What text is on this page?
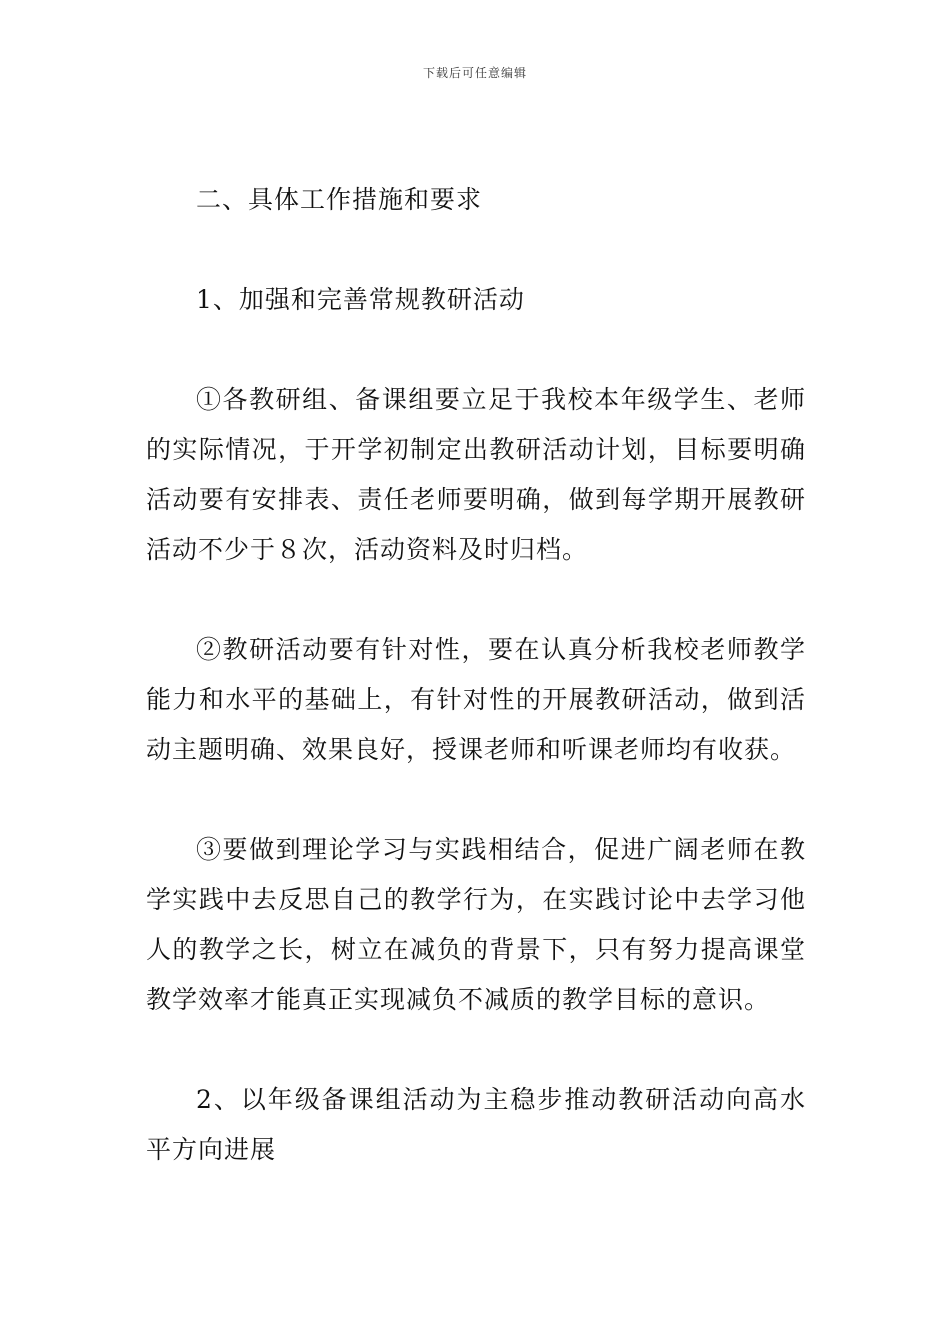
下载后可任意编辑

二、具体工作措施和要求

1、加强和完善常规教研活动

①各教研组、备课组要立足于我校本年级学生、老师的实际情况，于开学初制定出教研活动计划，目标要明确活动要有安排表、责任老师要明确，做到每学期开展教研活动不少于８次，活动资料及时归档。

②教研活动要有针对性，要在认真分析我校老师教学能力和水平的基础上，有针对性的开展教研活动，做到活动主题明确、效果良好，授课老师和听课老师均有收获。

③要做到理论学习与实践相结合，促进广阔老师在教学实践中去反思自己的教学行为，在实践讨论中去学习他人的教学之长，树立在减负的背景下，只有努力提高课堂教学效率才能真正实现减负不减质的教学目标的意识。

2、以年级备课组活动为主稳步推动教研活动向高水平方向进展
